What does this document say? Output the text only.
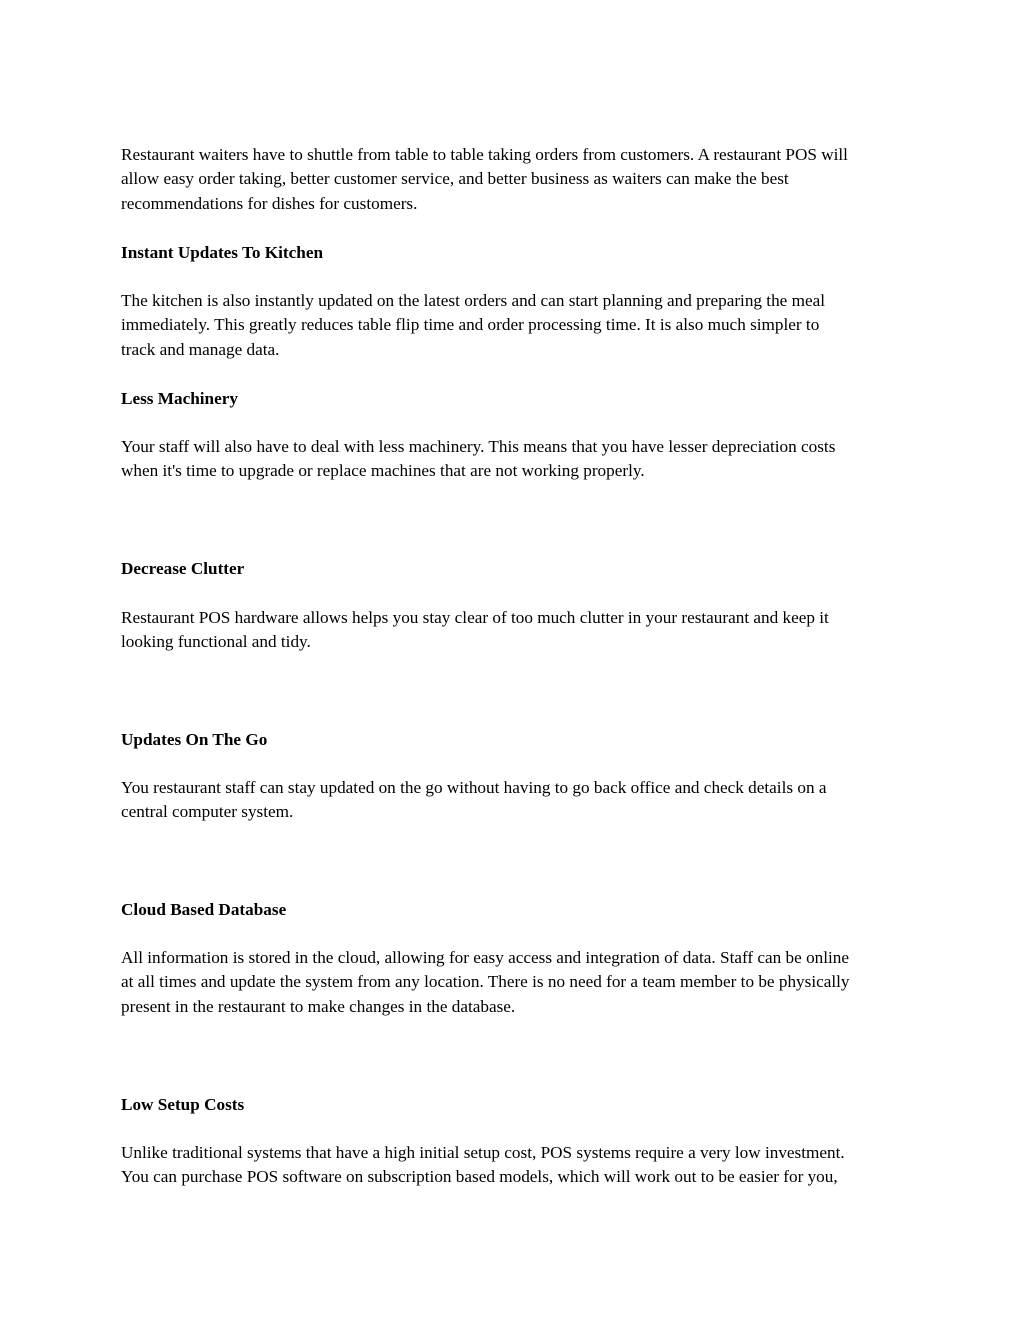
Restaurant waiters have to shuttle from table to table taking orders from customers. A restaurant POS will
allow easy order taking, better customer service, and better business as waiters can make the best
recommendations for dishes for customers.

Instant Updates To Kitchen

The kitchen is also instantly updated on the latest orders and can start planning and preparing the meal
immediately. This greatly reduces table flip time and order processing time. It is also much simpler to
track and manage data.

Less Machinery

Your staff will also have to deal with less machinery. This means that you have lesser depreciation costs
when it's time to upgrade or replace machines that are not working properly.

Decrease Clutter

Restaurant POS hardware allows helps you stay clear of too much clutter in your restaurant and keep it
looking functional and tidy.

Updates On The Go

You restaurant staff can stay updated on the go without having to go back office and check details on a
central computer system.

Cloud Based Database

All information is stored in the cloud, allowing for easy access and integration of data. Staff can be online
at all times and update the system from any location. There is no need for a team member to be physically
present in the restaurant to make changes in the database.

Low Setup Costs

Unlike traditional systems that have a high initial setup cost, POS systems require a very low investment.
You can purchase POS software on subscription based models, which will work out to be easier for you,
